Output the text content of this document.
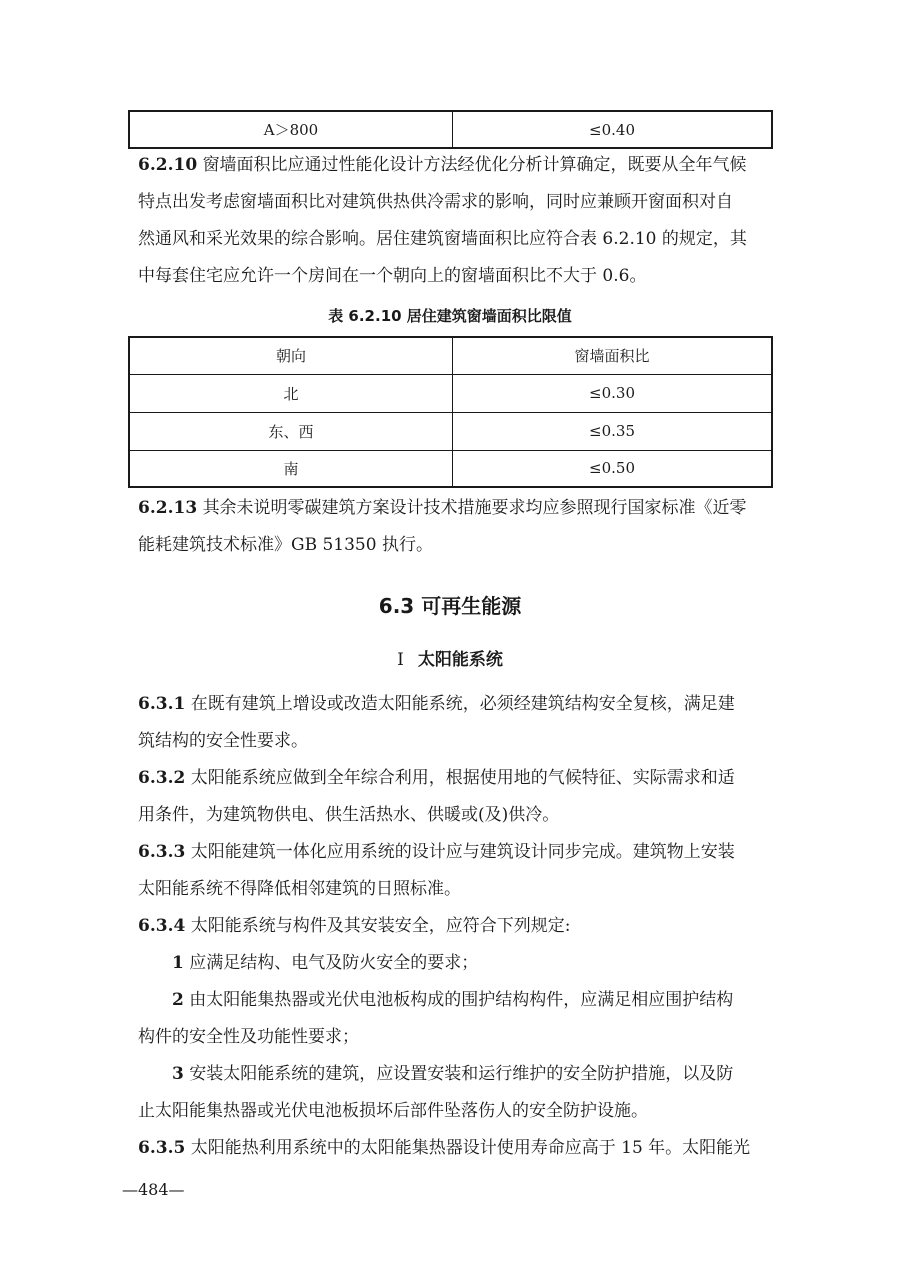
A＞800	≤0.40
6.2.10 窗墙面积比应通过性能化设计方法经优化分析计算确定，既要从全年气候
特点出发考虑窗墙面积比对建筑供热供冷需求的影响，同时应兼顾开窗面积对自
然通风和采光效果的综合影响。居住建筑窗墙面积比应符合表 6.2.10 的规定，其
中每套住宅应允许一个房间在一个朝向上的窗墙面积比不大于 0.6。
表 6.2.10 居住建筑窗墙面积比限值
朝向	窗墙面积比
北	≤0.30
东、西	≤0.35
南	≤0.50
6.2.13 其余未说明零碳建筑方案设计技术措施要求均应参照现行国家标准《近零
能耗建筑技术标准》GB 51350 执行。
6.3 可再生能源
Ⅰ 太阳能系统
6.3.1 在既有建筑上增设或改造太阳能系统，必须经建筑结构安全复核，满足建
筑结构的安全性要求。
6.3.2 太阳能系统应做到全年综合利用，根据使用地的气候特征、实际需求和适
用条件，为建筑物供电、供生活热水、供暖或(及)供冷。
6.3.3 太阳能建筑一体化应用系统的设计应与建筑设计同步完成。建筑物上安装
太阳能系统不得降低相邻建筑的日照标准。
6.3.4 太阳能系统与构件及其安装安全，应符合下列规定:
1 应满足结构、电气及防火安全的要求；
2 由太阳能集热器或光伏电池板构成的围护结构构件，应满足相应围护结构
构件的安全性及功能性要求；
3 安装太阳能系统的建筑，应设置安装和运行维护的安全防护措施，以及防
止太阳能集热器或光伏电池板损坏后部件坠落伤人的安全防护设施。
6.3.5 太阳能热利用系统中的太阳能集热器设计使用寿命应高于 15 年。太阳能光
—484—
